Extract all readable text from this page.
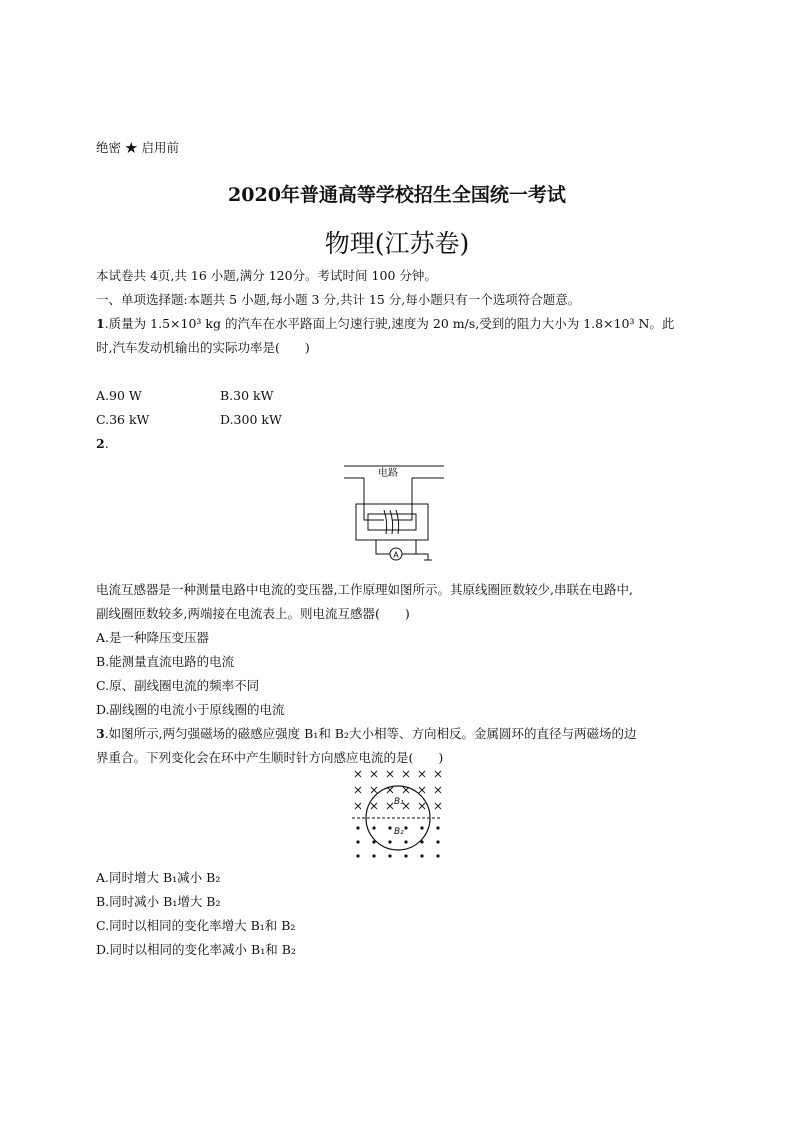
绝密 ★ 启用前
2020年普通高等学校招生全国统一考试
物理(江苏卷)
本试卷共 4页,共 16 小题,满分 120分。考试时间 100 分钟。
一、单项选择题:本题共 5 小题,每小题 3 分,共计 15 分,每小题只有一个选项符合题意。
1.质量为 1.5×10³ kg 的汽车在水平路面上匀速行驶,速度为 20 m/s,受到的阻力大小为 1.8×10³ N。此
时,汽车发动机输出的实际功率是(　　)
A.90 W	B.30 kW
C.36 kW	D.300 kW
2.
电路
A
电流互感器是一种测量电路中电流的变压器,工作原理如图所示。其原线圈匝数较少,串联在电路中,
副线圈匝数较多,两端接在电流表上。则电流互感器(　　)
A.是一种降压变压器
B.能测量直流电路的电流
C.原、副线圈电流的频率不同
D.副线圈的电流小于原线圈的电流
3.如图所示,两匀强磁场的磁感应强度 B₁和 B₂大小相等、方向相反。金属圆环的直径与两磁场的边
界重合。下列变化会在环中产生顺时针方向感应电流的是(　　)
B₁
B₂
A.同时增大 B₁减小 B₂
B.同时减小 B₁增大 B₂
C.同时以相同的变化率增大 B₁和 B₂
D.同时以相同的变化率减小 B₁和 B₂
